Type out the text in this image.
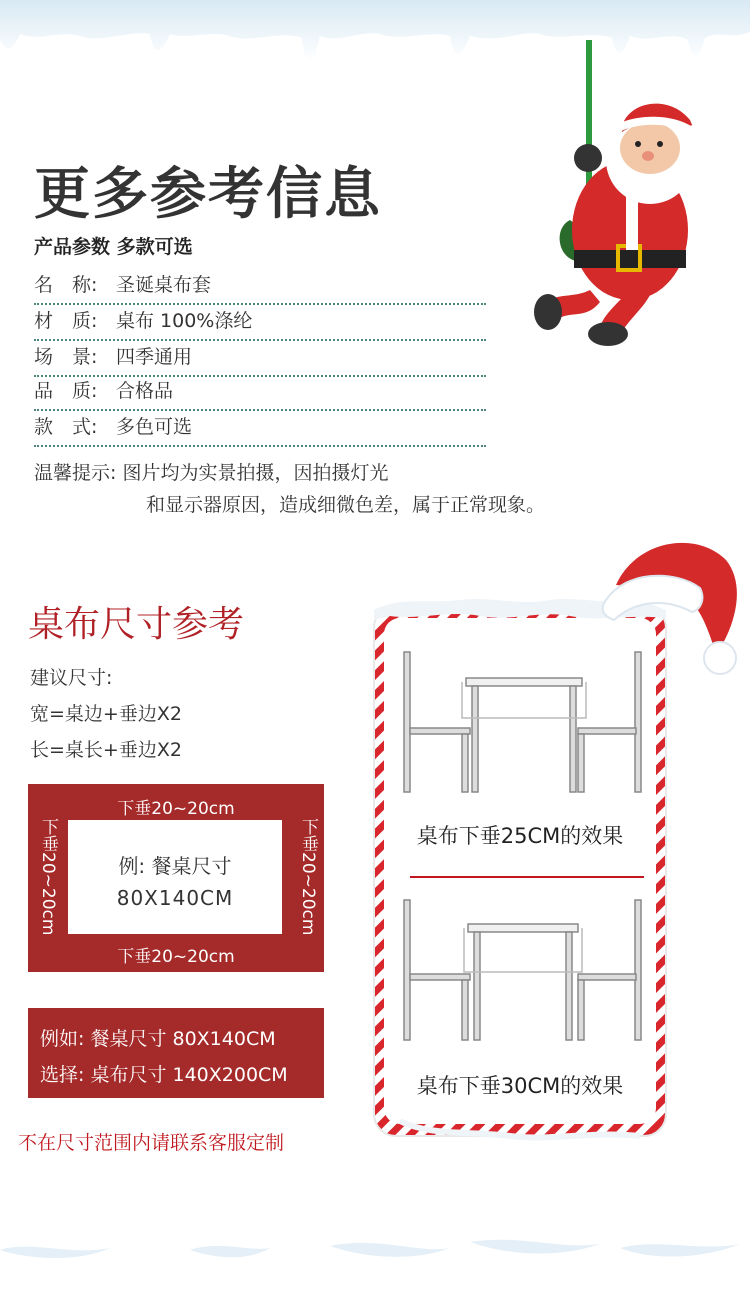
更多参考信息
产品参数 多款可选
名　称: 圣诞桌布套
材　质: 桌布 100%涤纶
场　景: 四季通用
品　质: 合格品
款　式: 多色可选
温馨提示: 图片均为实景拍摄，因拍摄灯光
和显示器原因，造成细微色差，属于正常现象。
桌布尺寸参考
建议尺寸:
宽=桌边+垂边X2
长=桌长+垂边X2
下垂20~20cm
下垂20~20cm	下垂20~20cm
例: 餐桌尺寸
80X140CM
下垂20~20cm
例如: 餐桌尺寸 80X140CM
选择: 桌布尺寸 140X200CM
不在尺寸范围内请联系客服定制
桌布下垂25CM的效果
桌布下垂30CM的效果
